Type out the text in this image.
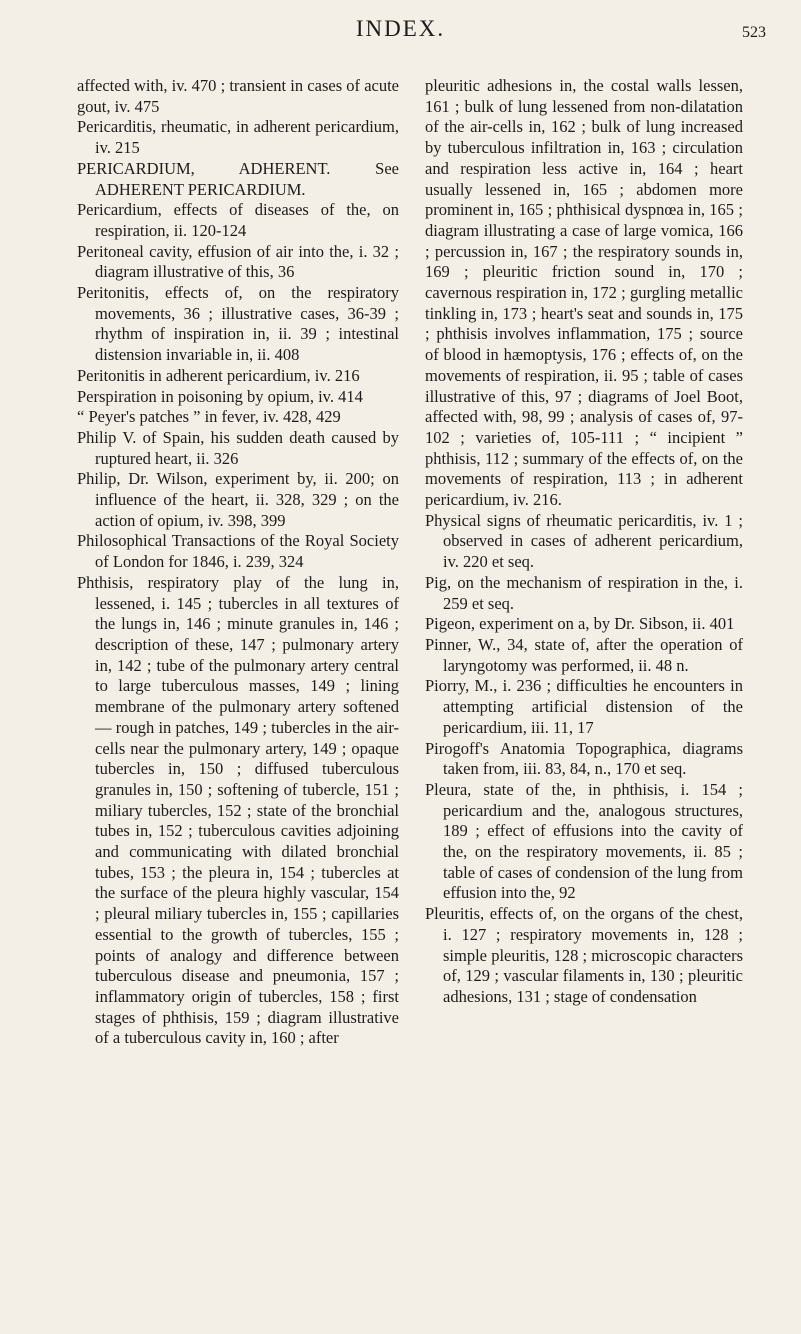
INDEX.	523

affected with, iv. 470 ; transient in cases of acute gout, iv. 475

Pericarditis, rheumatic, in adherent pericardium, iv. 215

PERICARDIUM, ADHERENT. See ADHERENT PERICARDIUM.

Pericardium, effects of diseases of the, on respiration, ii. 120-124

Peritoneal cavity, effusion of air into the, i. 32 ; diagram illustrative of this, 36

Peritonitis, effects of, on the respiratory movements, 36 ; illustrative cases, 36-39 ; rhythm of inspiration in, ii. 39 ; intestinal distension invariable in, ii. 408

Peritonitis in adherent pericardium, iv. 216

Perspiration in poisoning by opium, iv. 414

“ Peyer's patches ” in fever, iv. 428, 429

Philip V. of Spain, his sudden death caused by ruptured heart, ii. 326

Philip, Dr. Wilson, experiment by, ii. 200; on influence of the heart, ii. 328, 329 ; on the action of opium, iv. 398, 399

Philosophical Transactions of the Royal Society of London for 1846, i. 239, 324

Phthisis, respiratory play of the lung in, lessened, i. 145 ; tubercles in all textures of the lungs in, 146 ; minute granules in, 146 ; description of these, 147 ; pulmonary artery in, 142 ; tube of the pulmonary artery central to large tuberculous masses, 149 ; lining membrane of the pulmonary artery softened — rough in patches, 149 ; tubercles in the air-cells near the pulmonary artery, 149 ; opaque tubercles in, 150 ; diffused tuberculous granules in, 150 ; softening of tubercle, 151 ; miliary tubercles, 152 ; state of the bronchial tubes in, 152 ; tuberculous cavities adjoining and communicating with dilated bronchial tubes, 153 ; the pleura in, 154 ; tubercles at the surface of the pleura highly vascular, 154 ; pleural miliary tubercles in, 155 ; capillaries essential to the growth of tubercles, 155 ; points of analogy and difference between tuberculous disease and pneumonia, 157 ; inflammatory origin of tubercles, 158 ; first stages of phthisis, 159 ; diagram illustrative of a tuberculous cavity in, 160 ; after

pleuritic adhesions in, the costal walls lessen, 161 ; bulk of lung lessened from non-dilatation of the air-cells in, 162 ; bulk of lung increased by tuberculous infiltration in, 163 ; circulation and respiration less active in, 164 ; heart usually lessened in, 165 ; abdomen more prominent in, 165 ; phthisical dyspnœa in, 165 ; diagram illustrating a case of large vomica, 166 ; percussion in, 167 ; the respiratory sounds in, 169 ; pleuritic friction sound in, 170 ; cavernous respiration in, 172 ; gurgling metallic tinkling in, 173 ; heart's seat and sounds in, 175 ; phthisis involves inflammation, 175 ; source of blood in hæmoptysis, 176 ; effects of, on the movements of respiration, ii. 95 ; table of cases illustrative of this, 97 ; diagrams of Joel Boot, affected with, 98, 99 ; analysis of cases of, 97-102 ; varieties of, 105-111 ; “ incipient ” phthisis, 112 ; summary of the effects of, on the movements of respiration, 113 ; in adherent pericardium, iv. 216.

Physical signs of rheumatic pericarditis, iv. 1 ; observed in cases of adherent pericardium, iv. 220 et seq.

Pig, on the mechanism of respiration in the, i. 259 et seq.

Pigeon, experiment on a, by Dr. Sibson, ii. 401

Pinner, W., 34, state of, after the operation of laryngotomy was performed, ii. 48 n.

Piorry, M., i. 236 ; difficulties he encounters in attempting artificial distension of the pericardium, iii. 11, 17

Pirogoff's Anatomia Topographica, diagrams taken from, iii. 83, 84, n., 170 et seq.

Pleura, state of the, in phthisis, i. 154 ; pericardium and the, analogous structures, 189 ; effect of effusions into the cavity of the, on the respiratory movements, ii. 85 ; table of cases of condension of the lung from effusion into the, 92

Pleuritis, effects of, on the organs of the chest, i. 127 ; respiratory movements in, 128 ; simple pleuritis, 128 ; microscopic characters of, 129 ; vascular filaments in, 130 ; pleuritic adhesions, 131 ; stage of condensation
